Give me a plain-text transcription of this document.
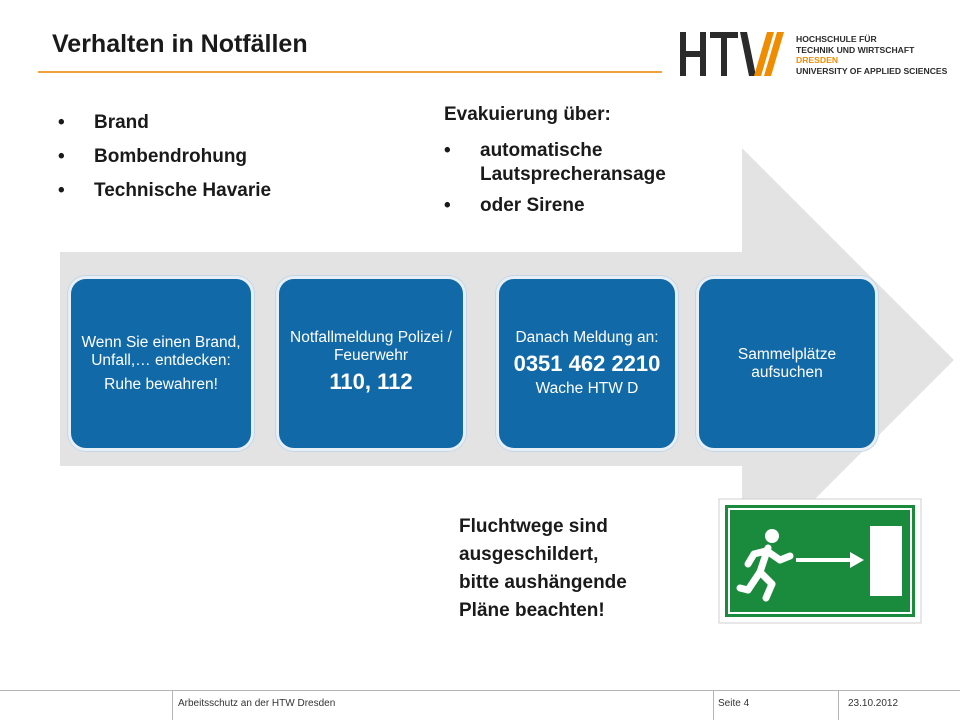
Verhalten in Notfällen	HOCHSCHULE FÜR
TECHNIK UND WIRTSCHAFT
DRESDEN
UNIVERSITY OF APPLIED SCIENCES
• Brand
• Bombendrohung
• Technische Havarie
Evakuierung über:
• automatische Lautsprecheransage
• oder Sirene
Wenn Sie einen Brand, Unfall,… entdecken:
Ruhe bewahren!
Notfallmeldung Polizei / Feuerwehr
110, 112
Danach Meldung an:
0351 462 2210
Wache HTW D
Sammelplätze aufsuchen
Fluchtwege sind
ausgeschildert,
bitte aushängende
Pläne beachten!
Arbeitsschutz an der HTW Dresden	Seite 4	23.10.2012
